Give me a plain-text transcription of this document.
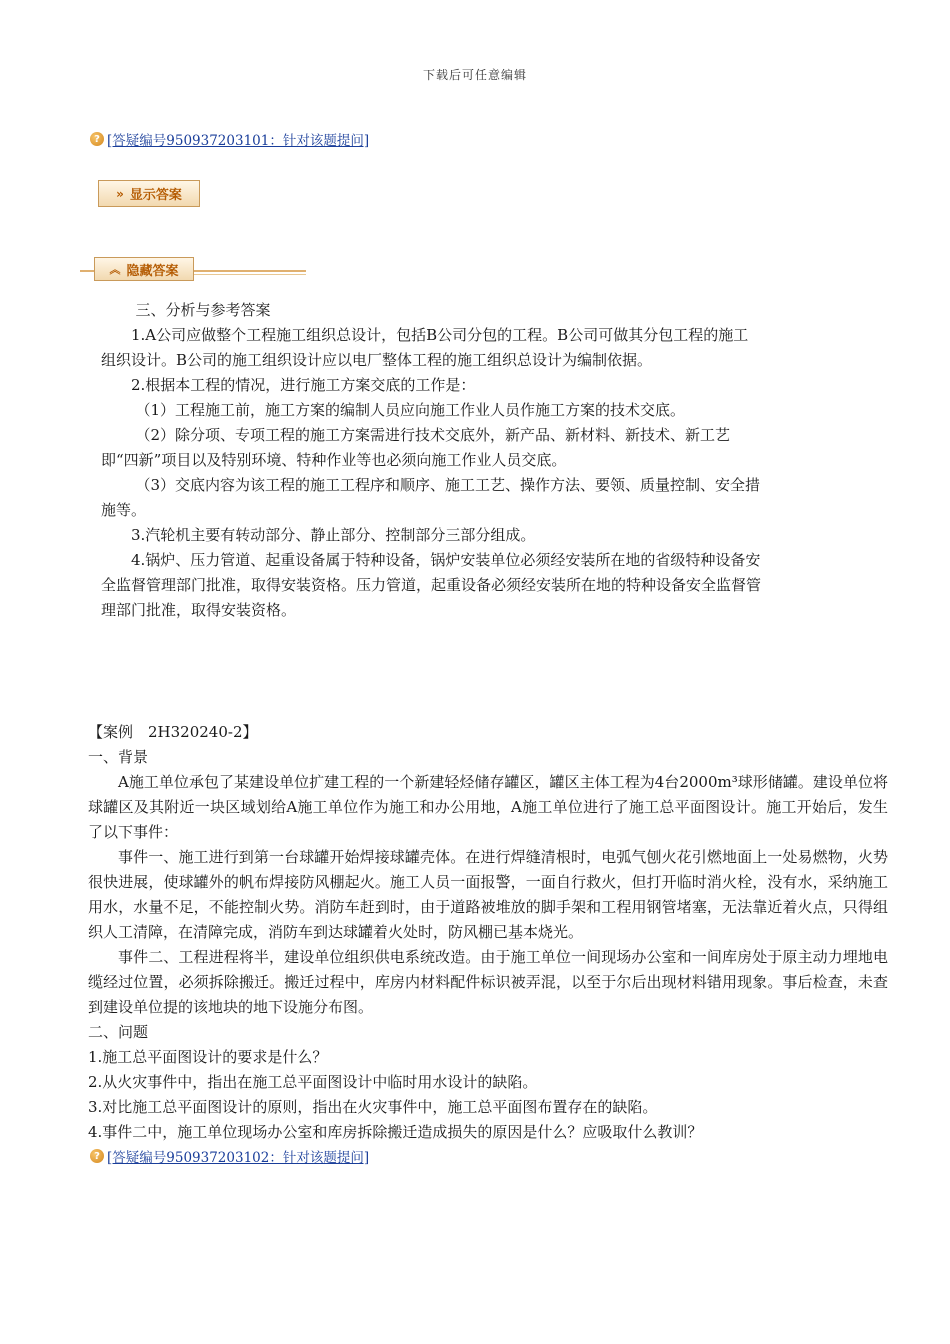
下载后可任意编辑
? [答疑编号950937203101：针对该题提问]
» 显示答案
︽ 隐藏答案

三、分析与参考答案

1.A公司应做整个工程施工组织总设计，包括B公司分包的工程。B公司可做其分包工程的施工组织设计。B公司的施工组织设计应以电厂整体工程的施工组织总设计为编制依据。

2.根据本工程的情况，进行施工方案交底的工作是：

（1）工程施工前，施工方案的编制人员应向施工作业人员作施工方案的技术交底。

（2）除分项、专项工程的施工方案需进行技术交底外，新产品、新材料、新技术、新工艺即“四新”项目以及特别环境、特种作业等也必须向施工作业人员交底。

（3）交底内容为该工程的施工工程序和顺序、施工工艺、操作方法、要领、质量控制、安全措施等。

3.汽轮机主要有转动部分、静止部分、控制部分三部分组成。

4.锅炉、压力管道、起重设备属于特种设备，锅炉安装单位必须经安装所在地的省级特种设备安全监督管理部门批准，取得安装资格。压力管道，起重设备必须经安装所在地的特种设备安全监督管理部门批准，取得安装资格。

【案例　2H320240-2】

一、背景

A施工单位承包了某建设单位扩建工程的一个新建轻烃储存罐区，罐区主体工程为4台2000m³球形储罐。建设单位将球罐区及其附近一块区域划给A施工单位作为施工和办公用地，A施工单位进行了施工总平面图设计。施工开始后，发生了以下事件：

事件一、施工进行到第一台球罐开始焊接球罐壳体。在进行焊缝清根时，电弧气刨火花引燃地面上一处易燃物，火势很快进展，使球罐外的帆布焊接防风棚起火。施工人员一面报警，一面自行救火，但打开临时消火栓，没有水，采纳施工用水，水量不足，不能控制火势。消防车赶到时，由于道路被堆放的脚手架和工程用钢管堵塞，无法靠近着火点，只得组织人工清障，在清障完成，消防车到达球罐着火处时，防风棚已基本烧光。

事件二、工程进程将半，建设单位组织供电系统改造。由于施工单位一间现场办公室和一间库房处于原主动力埋地电缆经过位置，必须拆除搬迁。搬迁过程中，库房内材料配件标识被弄混，以至于尔后出现材料错用现象。事后检查，未查到建设单位提的该地块的地下设施分布图。

二、问题

1.施工总平面图设计的要求是什么？

2.从火灾事件中，指出在施工总平面图设计中临时用水设计的缺陷。

3.对比施工总平面图设计的原则，指出在火灾事件中，施工总平面图布置存在的缺陷。

4.事件二中，施工单位现场办公室和库房拆除搬迁造成损失的原因是什么？应吸取什么教训？

? [答疑编号950937203102：针对该题提问]
